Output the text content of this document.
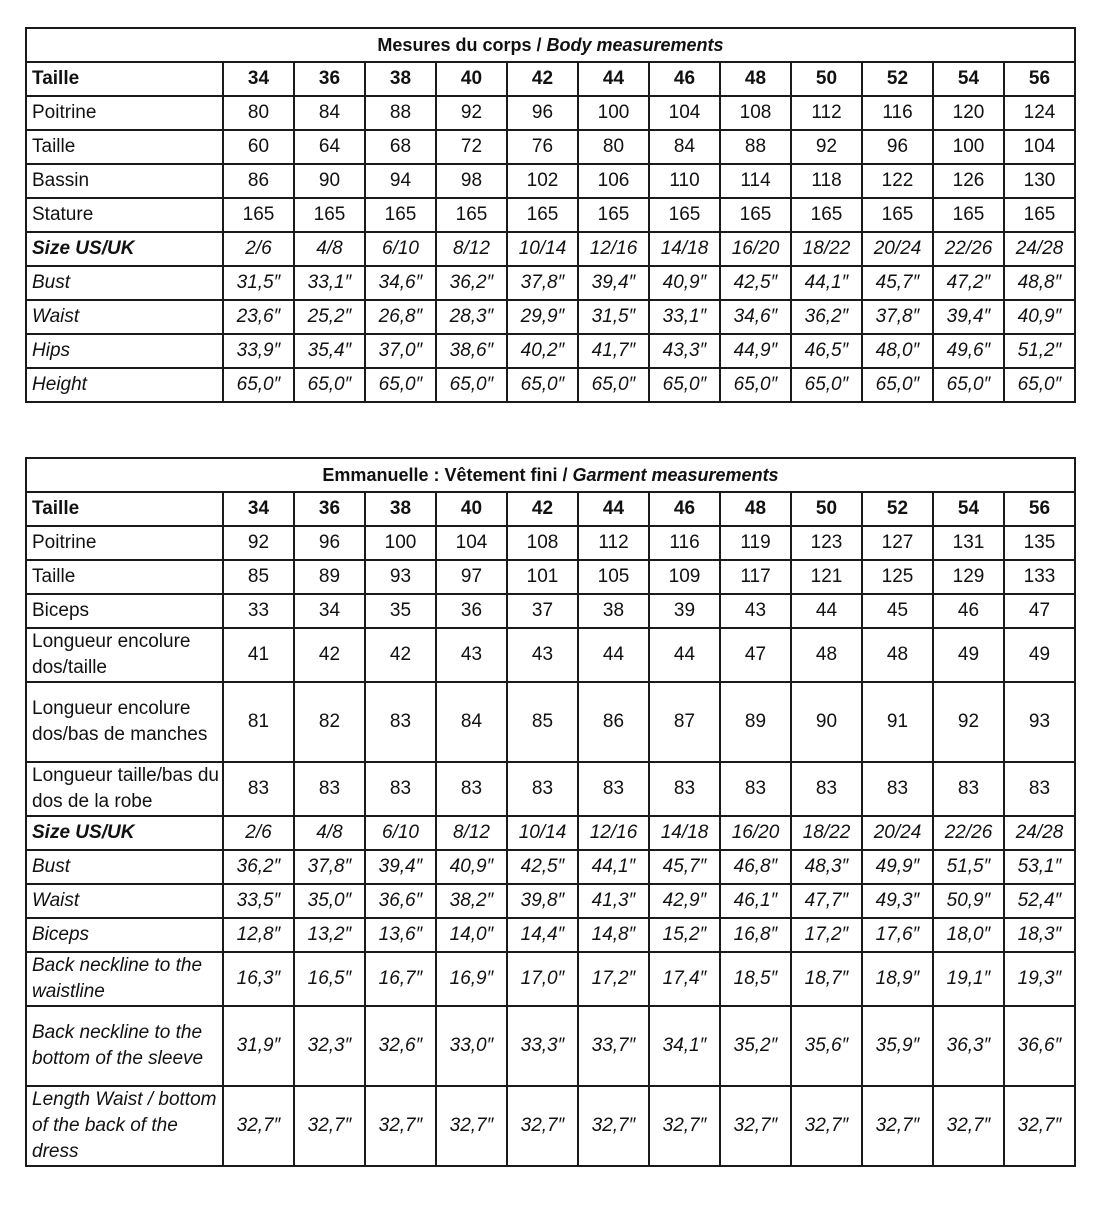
Mesures du corps / Body measurements												
Taille	34	36	38	40	42	44	46	48	50	52	54	56
Poitrine	80	84	88	92	96	100	104	108	112	116	120	124
Taille	60	64	68	72	76	80	84	88	92	96	100	104
Bassin	86	90	94	98	102	106	110	114	118	122	126	130
Stature	165	165	165	165	165	165	165	165	165	165	165	165
Size US/UK	2/6	4/8	6/10	8/12	10/14	12/16	14/18	16/20	18/22	20/24	22/26	24/28
Bust	31,5″	33,1″	34,6″	36,2″	37,8″	39,4″	40,9″	42,5″	44,1″	45,7″	47,2″	48,8″
Waist	23,6″	25,2″	26,8″	28,3″	29,9″	31,5″	33,1″	34,6″	36,2″	37,8″	39,4″	40,9″
Hips	33,9″	35,4″	37,0″	38,6″	40,2″	41,7″	43,3″	44,9″	46,5″	48,0″	49,6″	51,2″
Height	65,0″	65,0″	65,0″	65,0″	65,0″	65,0″	65,0″	65,0″	65,0″	65,0″	65,0″	65,0″
Emmanuelle : Vêtement fini / Garment measurements												
Taille	34	36	38	40	42	44	46	48	50	52	54	56
Poitrine	92	96	100	104	108	112	116	119	123	127	131	135
Taille	85	89	93	97	101	105	109	117	121	125	129	133
Biceps	33	34	35	36	37	38	39	43	44	45	46	47
Longueur encolure dos/taille	41	42	42	43	43	44	44	47	48	48	49	49
Longueur encolure dos/bas de manches	81	82	83	84	85	86	87	89	90	91	92	93
Longueur taille/bas du dos de la robe	83	83	83	83	83	83	83	83	83	83	83	83
Size US/UK	2/6	4/8	6/10	8/12	10/14	12/16	14/18	16/20	18/22	20/24	22/26	24/28
Bust	36,2″	37,8″	39,4″	40,9″	42,5″	44,1″	45,7″	46,8″	48,3″	49,9″	51,5″	53,1″
Waist	33,5″	35,0″	36,6″	38,2″	39,8″	41,3″	42,9″	46,1″	47,7″	49,3″	50,9″	52,4″
Biceps	12,8″	13,2″	13,6″	14,0″	14,4″	14,8″	15,2″	16,8″	17,2″	17,6″	18,0″	18,3″
Back neckline to the waistline	16,3″	16,5″	16,7″	16,9″	17,0″	17,2″	17,4″	18,5″	18,7″	18,9″	19,1″	19,3″
Back neckline to the bottom of the sleeve	31,9″	32,3″	32,6″	33,0″	33,3″	33,7″	34,1″	35,2″	35,6″	35,9″	36,3″	36,6″
Length Waist / bottom of the back of the dress	32,7″	32,7″	32,7″	32,7″	32,7″	32,7″	32,7″	32,7″	32,7″	32,7″	32,7″	32,7″
